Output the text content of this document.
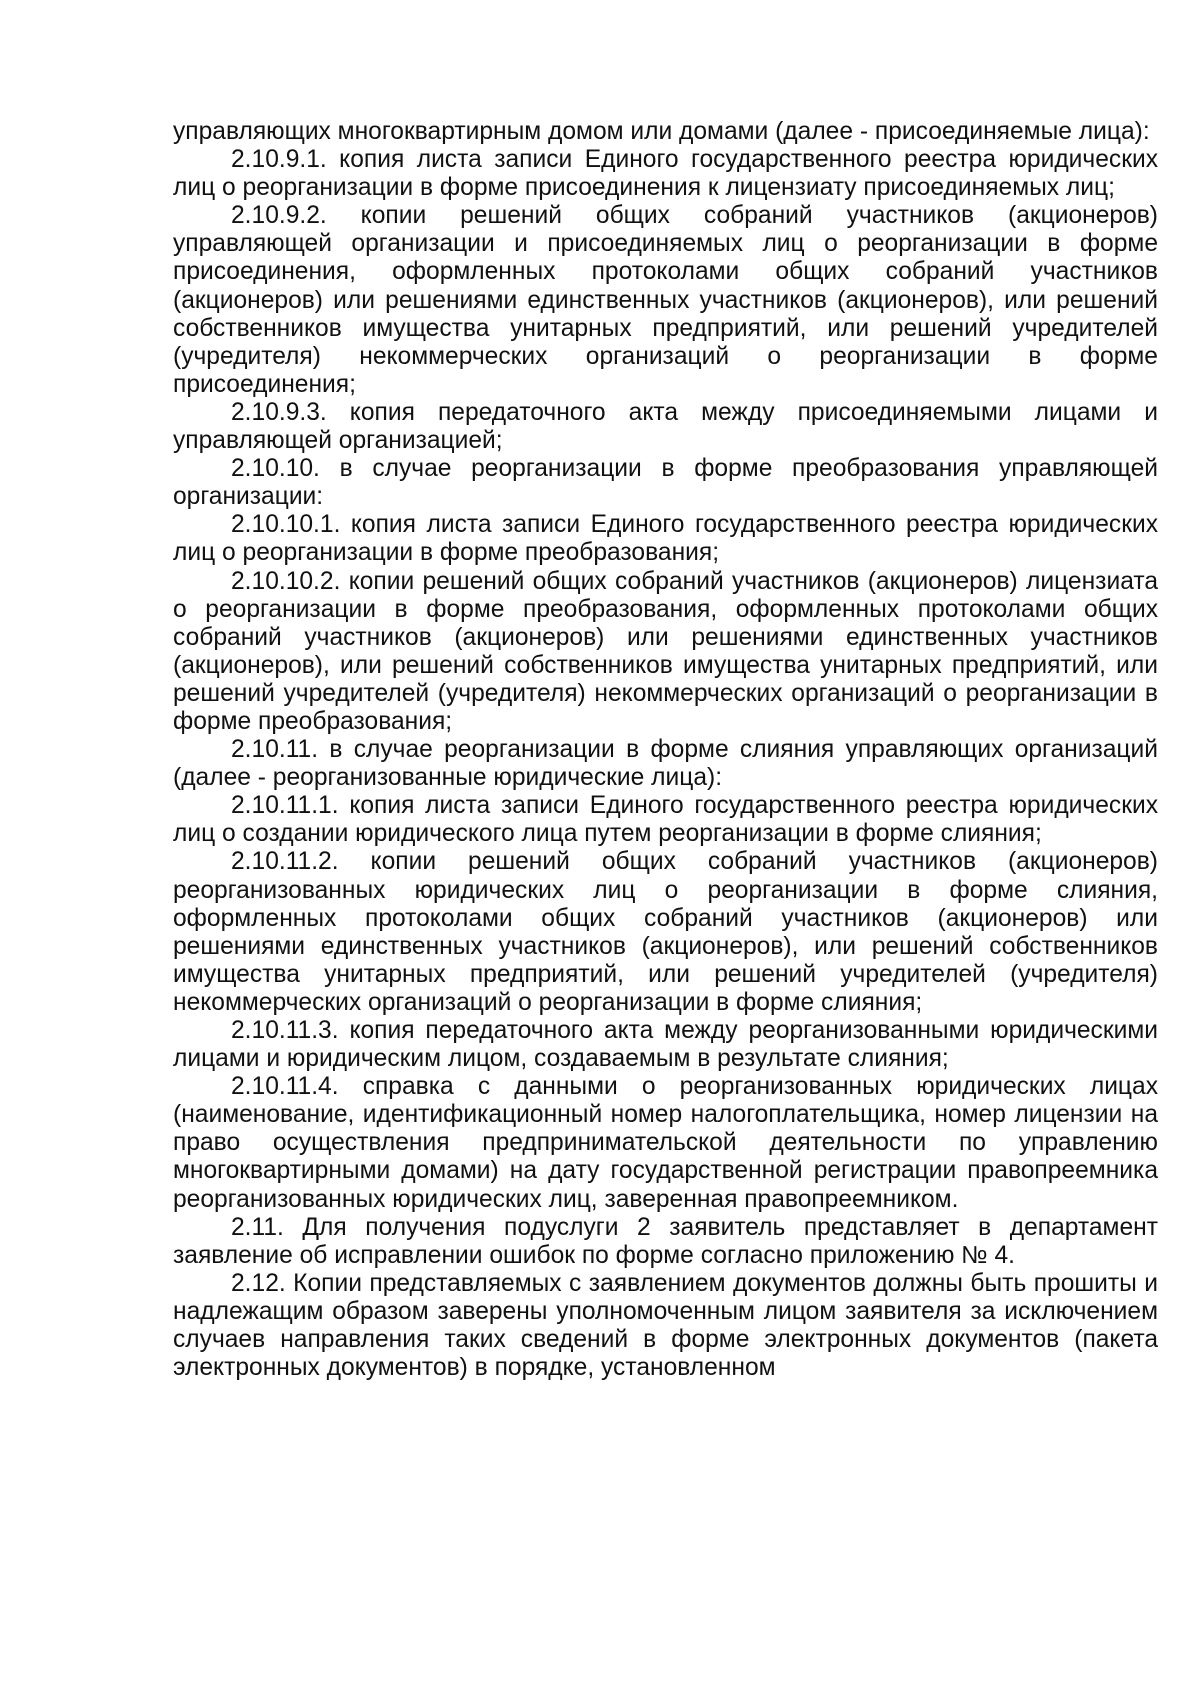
управляющих многоквартирным домом или домами (далее - присоединяемые лица):

2.10.9.1. копия листа записи Единого государственного реестра юридических лиц о реорганизации в форме присоединения к лицензиату присоединяемых лиц;

2.10.9.2. копии решений общих собраний участников (акционеров) управляющей организации и присоединяемых лиц о реорганизации в форме присоединения, оформленных протоколами общих собраний участников (акционеров) или решениями единственных участников (акционеров), или решений собственников имущества унитарных предприятий, или решений учредителей (учредителя) некоммерческих организаций о реорганизации в форме присоединения;

2.10.9.3. копия передаточного акта между присоединяемыми лицами и управляющей организацией;

2.10.10. в случае реорганизации в форме преобразования управляющей организации:

2.10.10.1. копия листа записи Единого государственного реестра юридических лиц о реорганизации в форме преобразования;

2.10.10.2. копии решений общих собраний участников (акционеров) лицензиата о реорганизации в форме преобразования, оформленных протоколами общих собраний участников (акционеров) или решениями единственных участников (акционеров), или решений собственников имущества унитарных предприятий, или решений учредителей (учредителя) некоммерческих организаций о реорганизации в форме преобразования;

2.10.11. в случае реорганизации в форме слияния управляющих организаций (далее - реорганизованные юридические лица):

2.10.11.1. копия листа записи Единого государственного реестра юридических лиц о создании юридического лица путем реорганизации в форме слияния;

2.10.11.2. копии решений общих собраний участников (акционеров) реорганизованных юридических лиц о реорганизации в форме слияния, оформленных протоколами общих собраний участников (акционеров) или решениями единственных участников (акционеров), или решений собственников имущества унитарных предприятий, или решений учредителей (учредителя) некоммерческих организаций о реорганизации в форме слияния;

2.10.11.3. копия передаточного акта между реорганизованными юридическими лицами и юридическим лицом, создаваемым в результате слияния;

2.10.11.4. справка с данными о реорганизованных юридических лицах (наименование, идентификационный номер налогоплательщика, номер лицензии на право осуществления предпринимательской деятельности по управлению многоквартирными домами) на дату государственной регистрации правопреемника реорганизованных юридических лиц, заверенная правопреемником.

2.11. Для получения подуслуги 2 заявитель представляет в департамент заявление об исправлении ошибок по форме согласно приложению № 4.

2.12. Копии представляемых с заявлением документов должны быть прошиты и надлежащим образом заверены уполномоченным лицом заявителя за исключением случаев направления таких сведений в форме электронных документов (пакета электронных документов) в порядке, установленном
